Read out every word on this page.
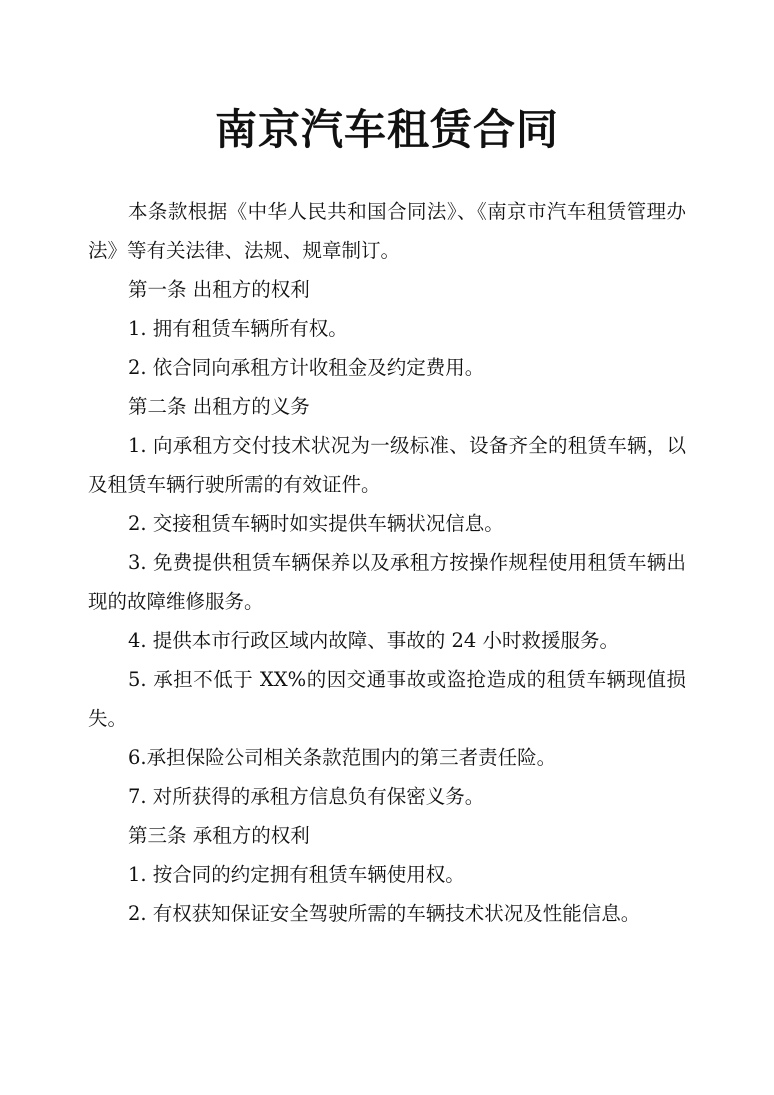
南京汽车租赁合同

本条款根据《中华人民共和国合同法》、《南京市汽车租赁管理办法》等有关法律、法规、规章制订。

第一条 出租方的权利

1. 拥有租赁车辆所有权。

2. 依合同向承租方计收租金及约定费用。

第二条 出租方的义务

1. 向承租方交付技术状况为一级标准、设备齐全的租赁车辆，以及租赁车辆行驶所需的有效证件。

2. 交接租赁车辆时如实提供车辆状况信息。

3. 免费提供租赁车辆保养以及承租方按操作规程使用租赁车辆出现的故障维修服务。

4. 提供本市行政区域内故障、事故的 24 小时救援服务。

5. 承担不低于 XX%的因交通事故或盗抢造成的租赁车辆现值损失。

6.承担保险公司相关条款范围内的第三者责任险。

7. 对所获得的承租方信息负有保密义务。

第三条 承租方的权利

1. 按合同的约定拥有租赁车辆使用权。

2. 有权获知保证安全驾驶所需的车辆技术状况及性能信息。
